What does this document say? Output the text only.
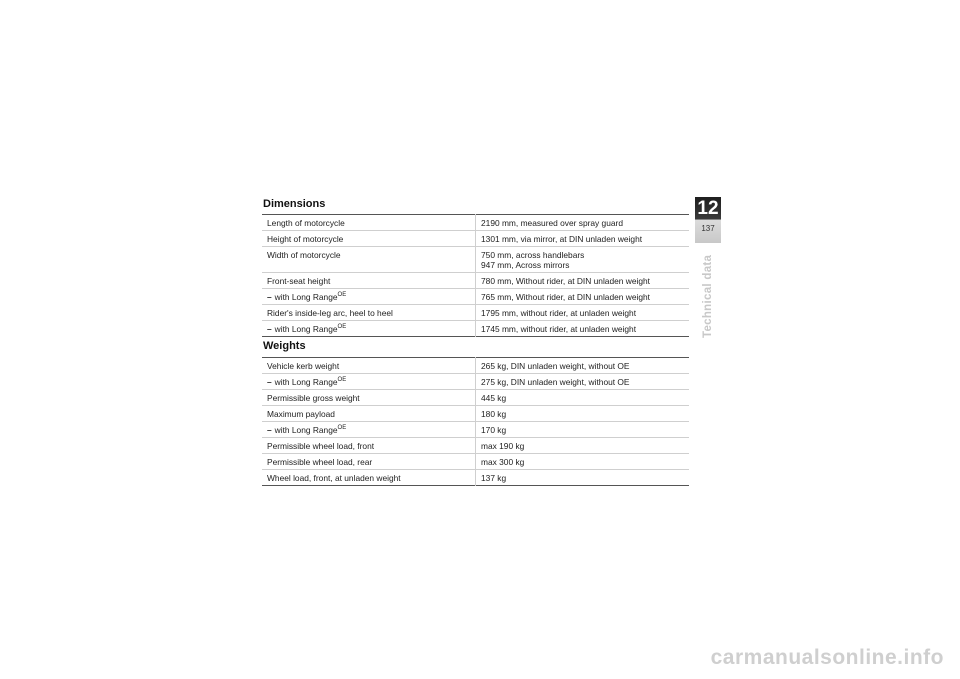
Dimensions
Length of motorcycle	2190 mm, measured over spray guard

Height of motorcycle	1301 mm, via mirror, at DIN unladen weight

Width of motorcycle	750 mm, across handlebars
947 mm, Across mirrors

Front-seat height	780 mm, Without rider, at DIN unladen weight

– with Long Range$^{OE}$	765 mm, Without rider, at DIN unladen weight

Rider's inside-leg arc, heel to heel	1795 mm, without rider, at unladen weight

– with Long Range$^{OE}$	1745 mm, without rider, at unladen weight
Weights
Vehicle kerb weight	265 kg, DIN unladen weight, without OE

– with Long Range$^{OE}$	275 kg, DIN unladen weight, without OE

Permissible gross weight	445 kg

Maximum payload	180 kg

– with Long Range$^{OE}$	170 kg

Permissible wheel load, front	max 190 kg

Permissible wheel load, rear	max 300 kg

Wheel load, front, at unladen weight	137 kg
12
137
Technical data
carmanualsonline.info
